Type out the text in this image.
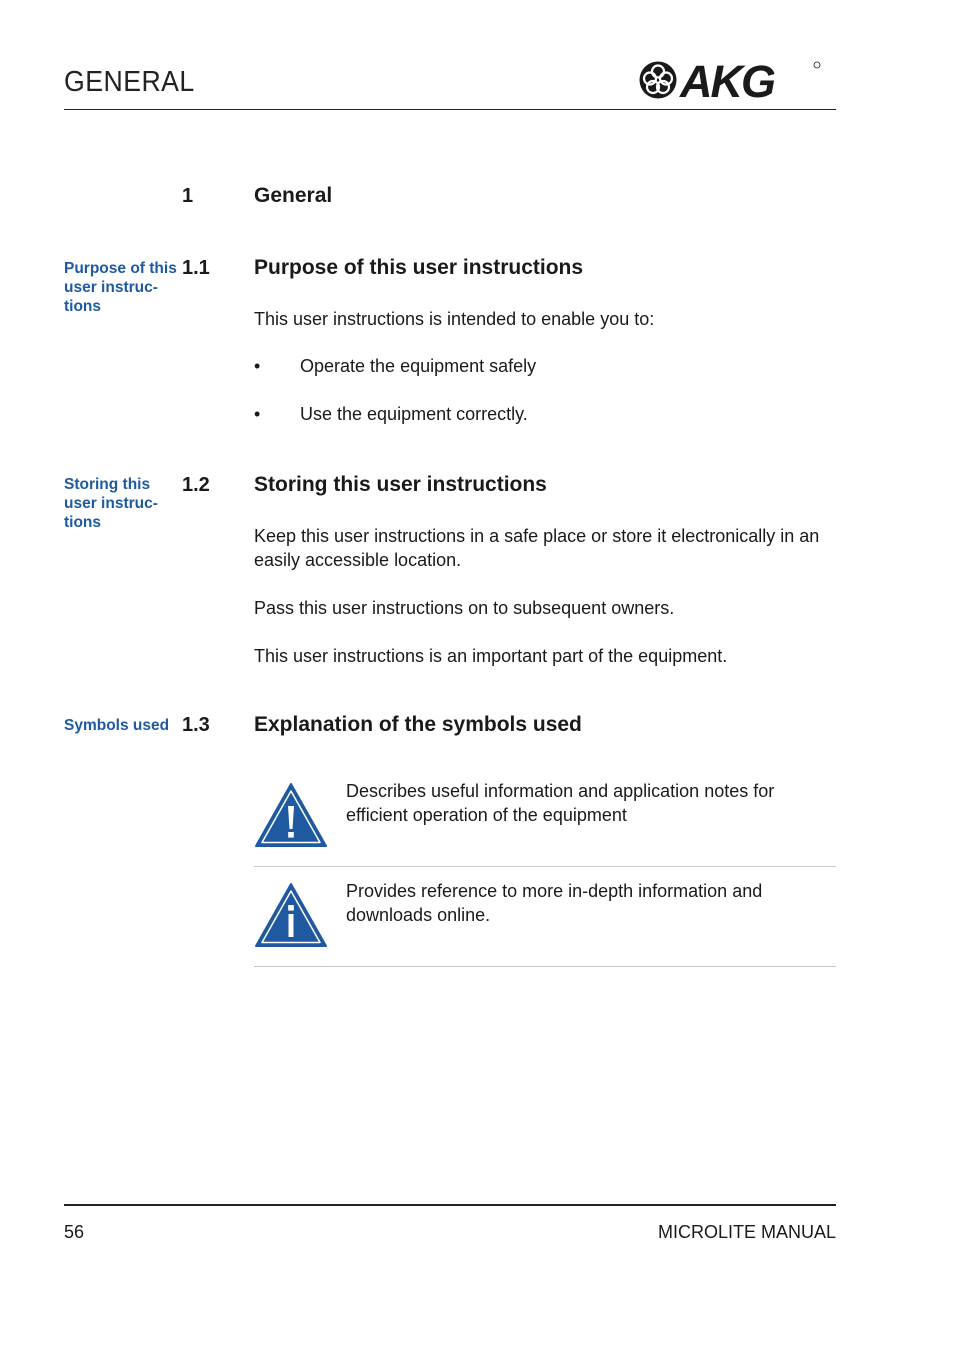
GENERAL	AKG
1	General
Purpose of this
user instruc-
tions
1.1 Purpose of this user instructions
This user instructions is intended to enable you to:
• Operate the equipment safely
• Use the equipment correctly.
Storing this
user instruc-
tions
1.2 Storing this user instructions
Keep this user instructions in a safe place or store it electronically in an easily accessible location.
Pass this user instructions on to subsequent owners.
This user instructions is an important part of the equipment.
Symbols used 1.3 Explanation of the symbols used
Describes useful information and application notes for efficient operation of the equipment
Provides reference to more in-depth information and downloads online.
56	MICROLITE MANUAL
